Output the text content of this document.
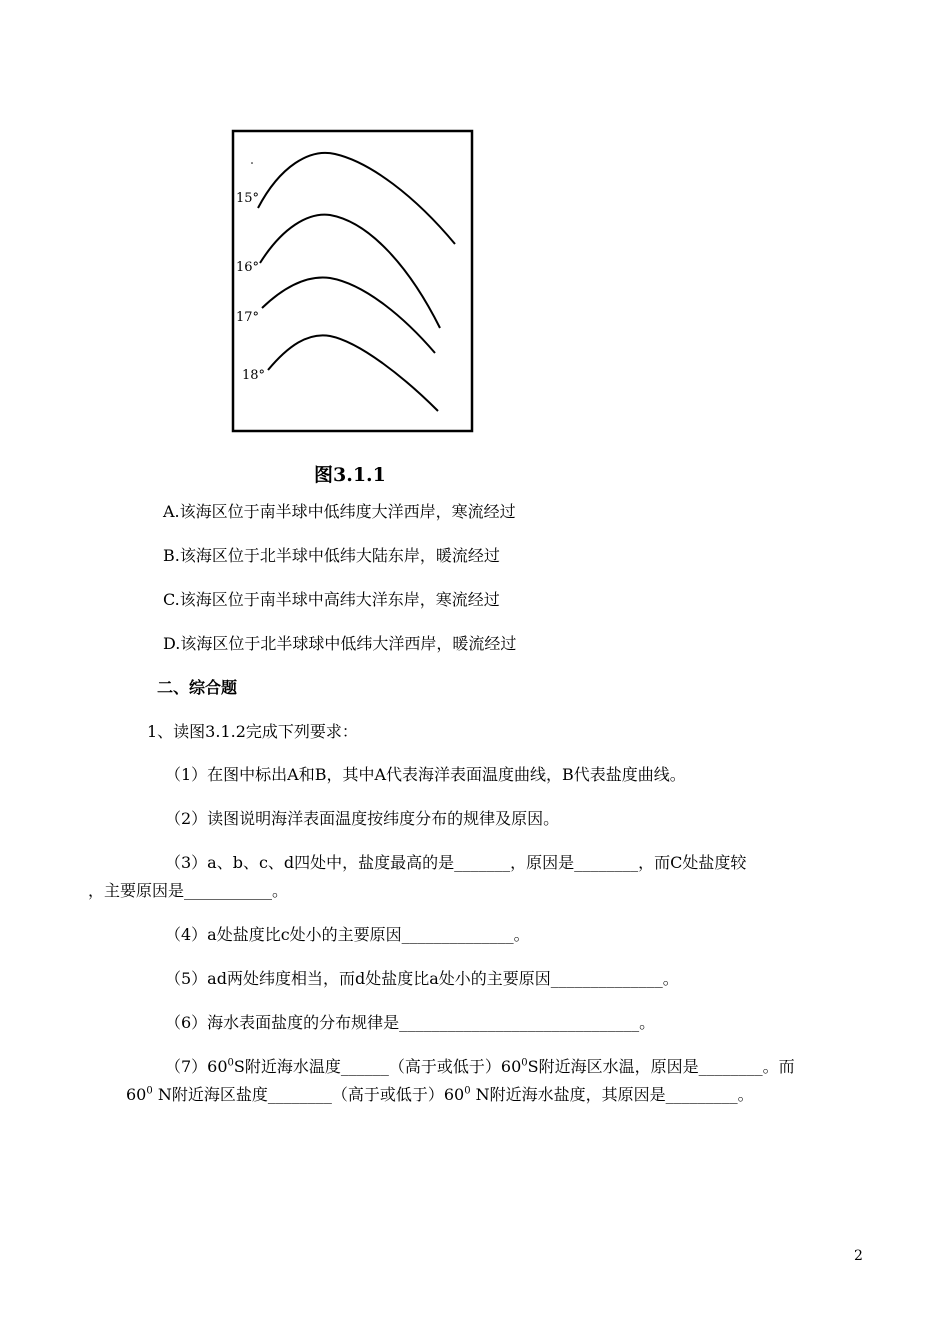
15°
16°
17°
18°
图3.1.1
A.该海区位于南半球中低纬度大洋西岸，寒流经过
B.该海区位于北半球中低纬大陆东岸，暖流经过
C.该海区位于南半球中高纬大洋东岸，寒流经过
D.该海区位于北半球球中低纬大洋西岸，暖流经过
二、综合题
1、读图3.1.2完成下列要求：
（1）在图中标出A和B，其中A代表海洋表面温度曲线，B代表盐度曲线。
（2）读图说明海洋表面温度按纬度分布的规律及原因。
（3）a、b、c、d四处中，盐度最高的是_______，原因是________，而C处盐度较
，主要原因是___________。
（4）a处盐度比c处小的主要原因______________。
（5）ad两处纬度相当，而d处盐度比a处小的主要原因______________。
（6）海水表面盐度的分布规律是______________________________。
$(7)60^0S$附近海水温度______（高于或低于）$60^0S$附近海区水温，原因是________。而
$60^0$ N附近海区盐度________（高于或低于）$60^0$ N附近海水盐度，其原因是_________。
2
